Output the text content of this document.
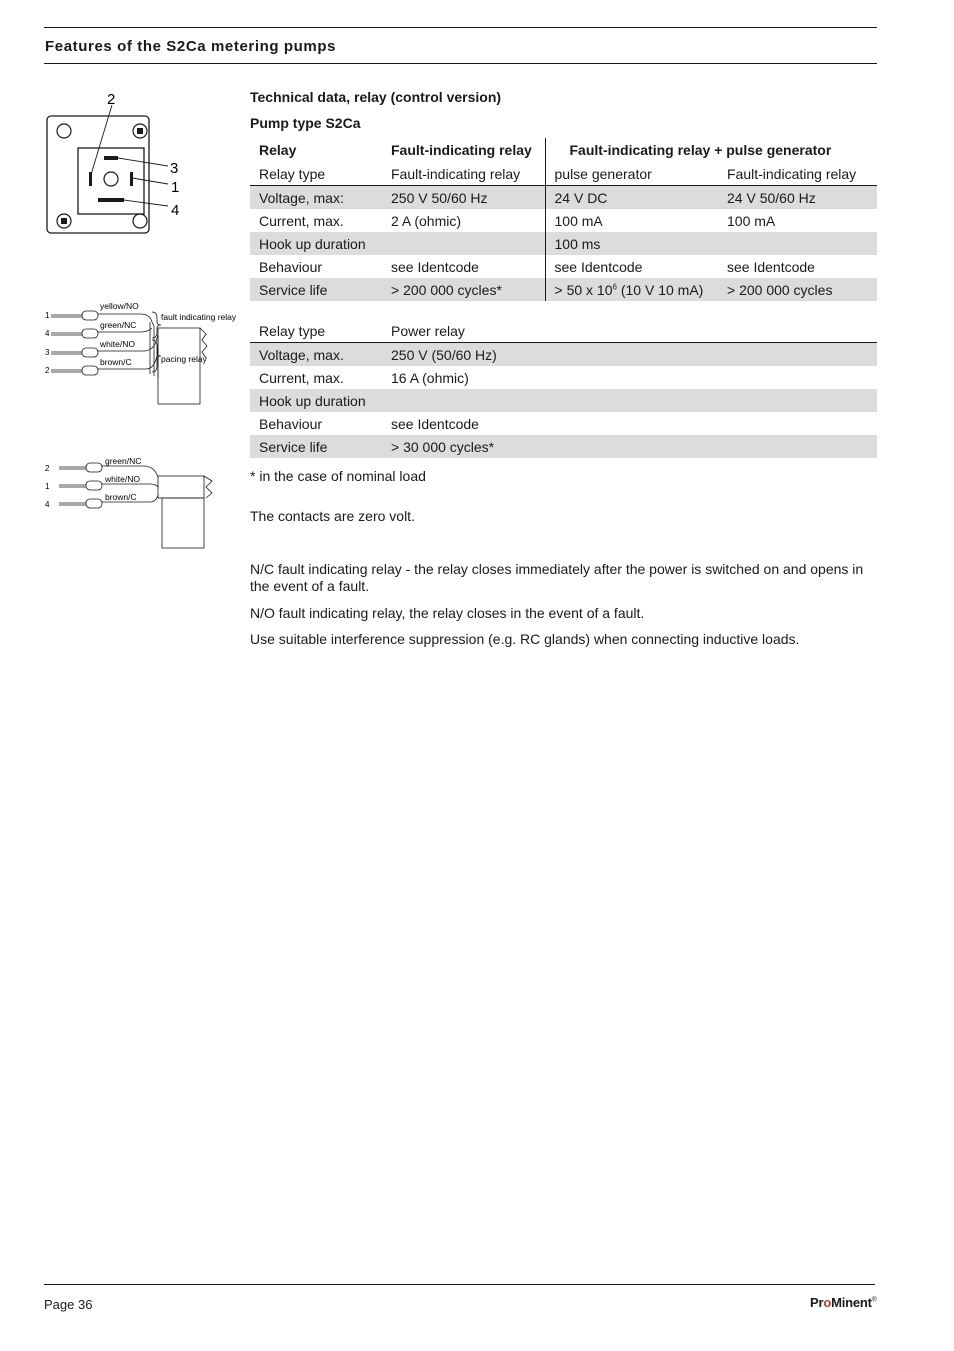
Features of the S2Ca metering pumps
2
3
1
4
1
4
3
2
yellow/NO
green/NC
white/NO
brown/C
fault indicating relay
pacing relay
2
1
4
green/NC
white/NO
brown/C
Technical data, relay (control version)
Pump type S2Ca
Relay	Fault-indicating relay	Fault-indicating relay + pulse generator	
Relay type	Fault-indicating relay	pulse generator	Fault-indicating relay
Voltage, max:	250 V 50/60 Hz	24 V DC	24 V 50/60 Hz
Current, max.	2 A (ohmic)	100 mA	100 mA
Hook up duration		100 ms	
Behaviour	see Identcode	see Identcode	see Identcode
Service life	> 200 000 cycles*	> 50 x $10^6$ (10 V 10 mA)	> 200 000 cycles
Relay type	Power relay
Voltage, max.	250 V (50/60 Hz)
Current, max.	16 A (ohmic)
Hook up duration	
Behaviour	see Identcode
Service life	> 30 000 cycles*
* in the case of nominal load
The contacts are zero volt.
N/C fault indicating relay - the relay closes immediately after the power is switched on and opens in the event of a fault.
N/O fault indicating relay, the relay closes in the event of a fault.
Use suitable interference suppression (e.g. RC glands) when connecting inductive loads.
Page 36	ProMinent®
